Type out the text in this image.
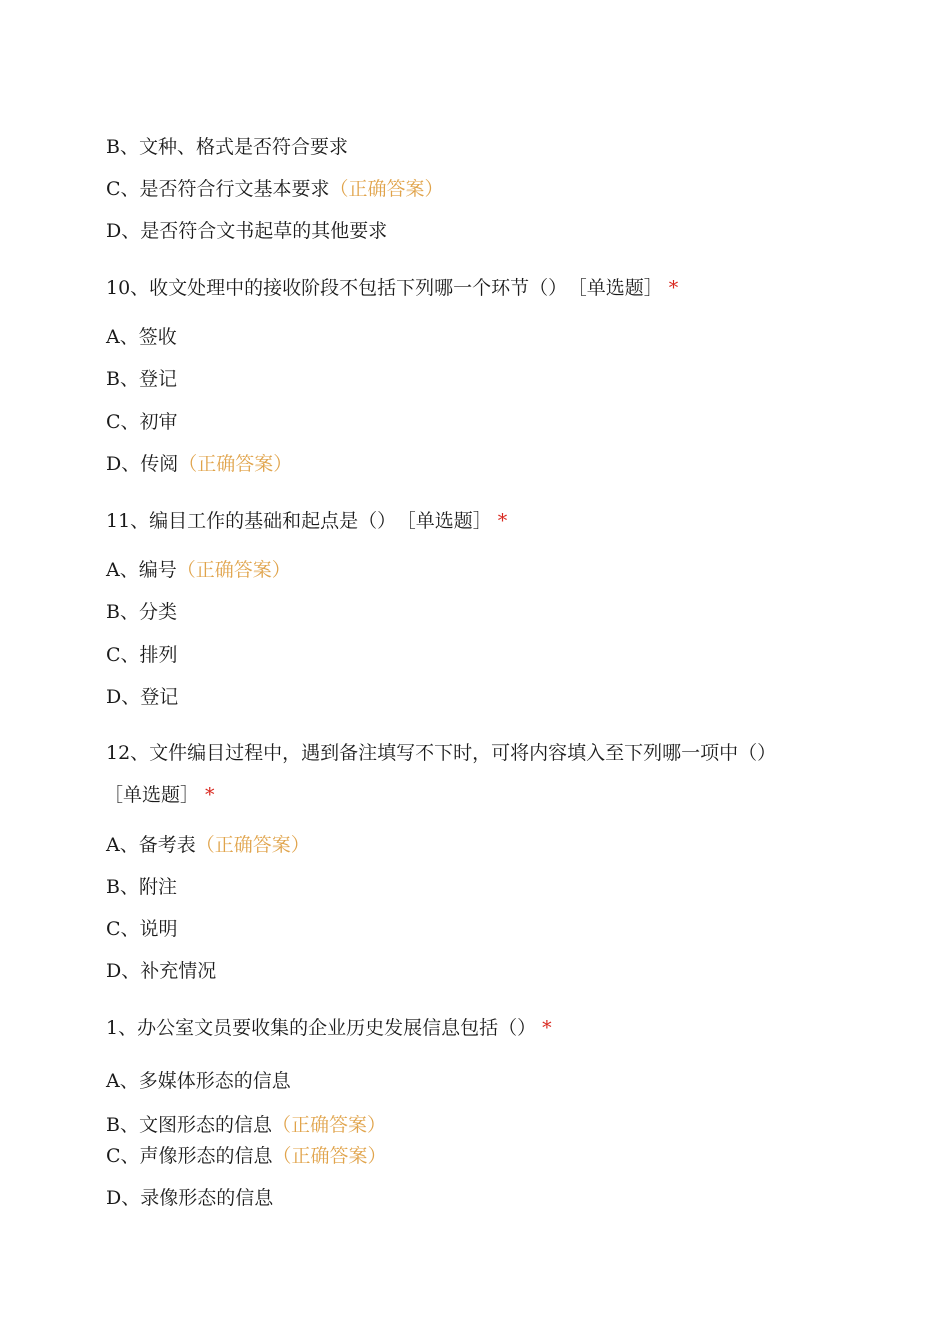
B、文种、格式是否符合要求
C、是否符合行文基本要求（正确答案）
D、是否符合文书起草的其他要求
10、收文处理中的接收阶段不包括下列哪一个环节（） ［单选题］ *
A、签收
B、登记
C、初审
D、传阅（正确答案）
11、编目工作的基础和起点是（） ［单选题］ *
A、编号（正确答案）
B、分类
C、排列
D、登记
12、文件编目过程中，遇到备注填写不下时，可将内容填入至下列哪一项中（）
［单选题］ *
A、备考表（正确答案）
B、附注
C、说明
D、补充情况
1、办公室文员要收集的企业历史发展信息包括（） *
A、多媒体形态的信息
B、文图形态的信息（正确答案）
C、声像形态的信息（正确答案）
D、录像形态的信息
